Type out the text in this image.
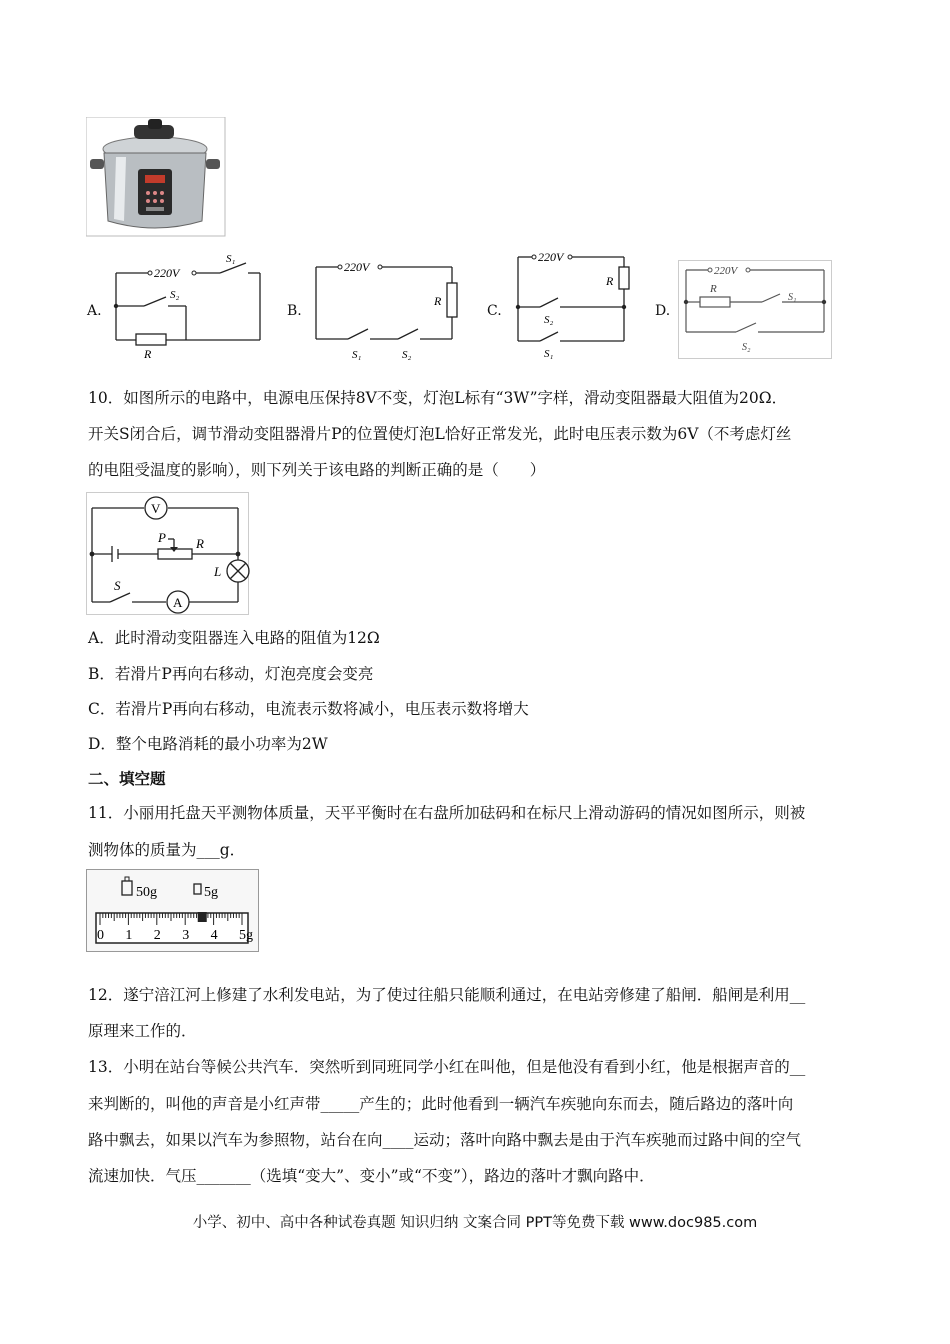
A.
220V
S₁
S₂
R
B.
220V
R
S₁	S₂
C.
220V
R
S₂
S₁
D.
220V
R
S₁
S₂
10．如图所示的电路中，电源电压保持8V不变，灯泡L标有“3W”字样，滑动变阻器最大阻值为20Ω．
开关S闭合后，调节滑动变阻器滑片P的位置使灯泡L恰好正常发光，此时电压表示数为6V（不考虑灯丝
的电阻受温度的影响），则下列关于该电路的判断正确的是（　　）
V
A
P R
L
S
A．此时滑动变阻器连入电路的阻值为12Ω
B．若滑片P再向右移动，灯泡亮度会变亮
C．若滑片P再向右移动，电流表示数将减小，电压表示数将增大
D．整个电路消耗的最小功率为2W
二、填空题
11．小丽用托盘天平测物体质量，天平平衡时在右盘所加砝码和在标尺上滑动游码的情况如图所示，则被
测物体的质量为___g．
50g	5g
0 1 2 3 4 5g
12．遂宁涪江河上修建了水利发电站，为了使过往船只能顺利通过，在电站旁修建了船闸．船闸是利用__
原理来工作的．
13．小明在站台等候公共汽车．突然听到同班同学小红在叫他，但是他没有看到小红，他是根据声音的__
来判断的，叫他的声音是小红声带_____产生的；此时他看到一辆汽车疾驰向东而去，随后路边的落叶向
路中飘去，如果以汽车为参照物，站台在向____运动；落叶向路中飘去是由于汽车疾驰而过路中间的空气
流速加快．气压_______（选填“变大”、变小”或“不变”），路边的落叶才飘向路中．
小学、初中、高中各种试卷真题 知识归纳 文案合同 PPT等免费下载 www.doc985.com
